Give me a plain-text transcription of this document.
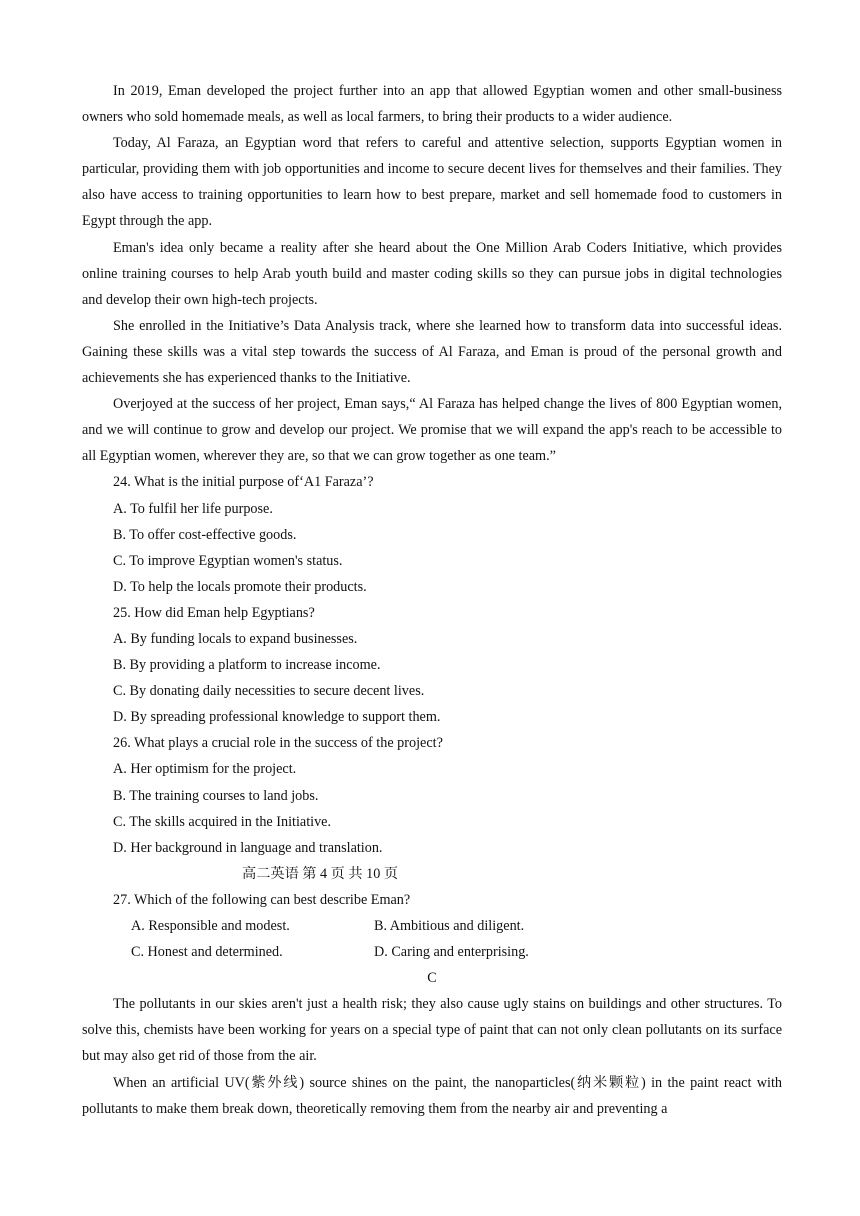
In 2019, Eman developed the project further into an app that allowed Egyptian women and other small-business owners who sold homemade meals, as well as local farmers, to bring their products to a wider audience.

Today, Al Faraza, an Egyptian word that refers to careful and attentive selection, supports Egyptian women in particular, providing them with job opportunities and income to secure decent lives for themselves and their families. They also have access to training opportunities to learn how to best prepare, market and sell homemade food to customers in Egypt through the app.

Eman's idea only became a reality after she heard about the One Million Arab Coders Initiative, which provides online training courses to help Arab youth build and master coding skills so they can pursue jobs in digital technologies and develop their own high-tech projects.

She enrolled in the Initiative’s Data Analysis track, where she learned how to transform data into successful ideas. Gaining these skills was a vital step towards the success of Al Faraza, and Eman is proud of the personal growth and achievements she has experienced thanks to the Initiative.

Overjoyed at the success of her project, Eman says,“ Al Faraza has helped change the lives of 800 Egyptian women, and we will continue to grow and develop our project. We promise that we will expand the app's reach to be accessible to all Egyptian women, wherever they are, so that we can grow together as one team.”

24. What is the initial purpose of‘A1 Faraza’?

A. To fulfil her life purpose.

B. To offer cost-effective goods.

C. To improve Egyptian women's status.

D. To help the locals promote their products.

25. How did Eman help Egyptians?

A. By funding locals to expand businesses.

B. By providing a platform to increase income.

C. By donating daily necessities to secure decent lives.

D. By spreading professional knowledge to support them.

26. What plays a crucial role in the success of the project?

A. Her optimism for the project.

B. The training courses to land jobs.

C. The skills acquired in the Initiative.

D. Her background in language and translation.

高二英语 第 4 页 共 10 页

27. Which of the following can best describe Eman?

A. Responsible and modest.	B. Ambitious and diligent.
C. Honest and determined.	D. Caring and enterprising.

C

The pollutants in our skies aren't just a health risk; they also cause ugly stains on buildings and other structures. To solve this, chemists have been working for years on a special type of paint that can not only clean pollutants on its surface but may also get rid of those from the air.

When an artificial UV(紫外线) source shines on the paint, the nanoparticles(纳米颗粒) in the paint react with pollutants to make them break down, theoretically removing them from the nearby air and preventing a
